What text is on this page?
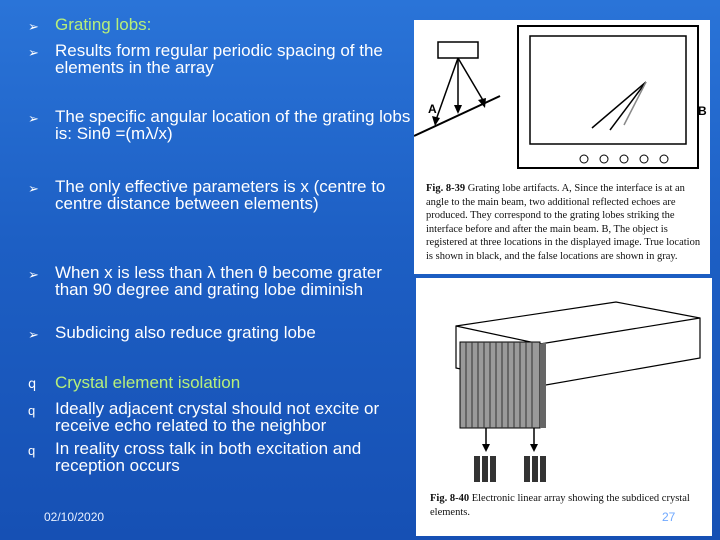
➢ Grating lobs:
➢ Results form regular periodic spacing of the elements in the array
➢ The specific angular location of the grating lobs is: Sinθ =(mλ/x)
➢ The only effective parameters is x (centre to centre distance between elements)
➢ When x is less than λ then θ become grater than 90 degree and grating lobe diminish
➢ Subdicing also reduce grating lobe
q	Crystal element isolation
q	Ideally adjacent crystal should not excite or receive echo related to the neighbor
q	In reality cross talk in both excitation and reception occurs
A	B
Fig. 8-39 Grating lobe artifacts. A, Since the interface is at an angle to the main beam, two additional reflected echoes are produced. They correspond to the grating lobes striking the interface before and after the main beam. B, The object is registered at three locations in the displayed image. True location is shown in black, and the false locations are shown in gray.
Fig. 8-40 Electronic linear array showing the subdiced crystal elements.
02/10/2020	27
